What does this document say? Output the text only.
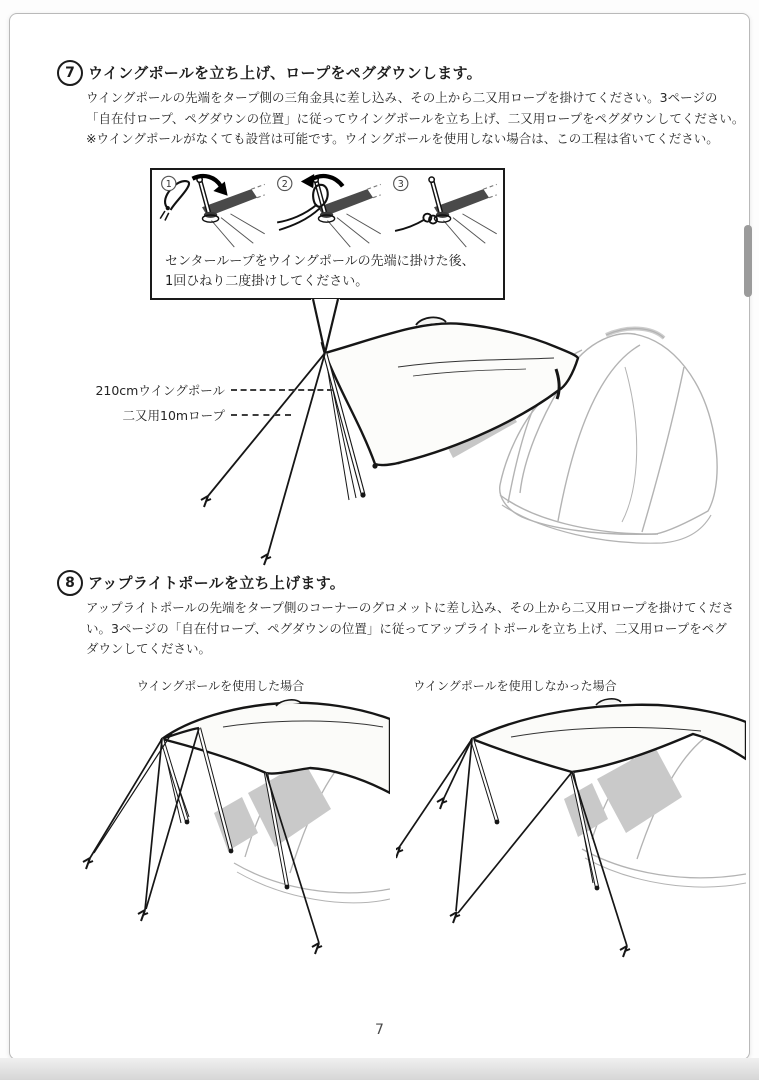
7 ウイングポールを立ち上げ、ロープをペグダウンします。
ウイングポールの先端をタープ側の三角金具に差し込み、その上から二又用ロープを掛けてください。3ページの
「自在付ロープ、ペグダウンの位置」に従ってウイングポールを立ち上げ、二又用ロープをペグダウンしてください。
※ウイングポールがなくても設営は可能です。ウイングポールを使用しない場合は、この工程は省いてください。
1	2	3
センターループをウイングポールの先端に掛けた後、
1回ひねり二度掛けしてください。
210cmウイングポール
二又用10mロープ
8 アップライトポールを立ち上げます。
アップライトポールの先端をタープ側のコーナーのグロメットに差し込み、その上から二又用ロープを掛けてくださ
い。3ページの「自在付ロープ、ペグダウンの位置」に従ってアップライトポールを立ち上げ、二又用ロープをペグ
ダウンしてください。
ウイングポールを使用した場合	ウイングポールを使用しなかった場合
7
